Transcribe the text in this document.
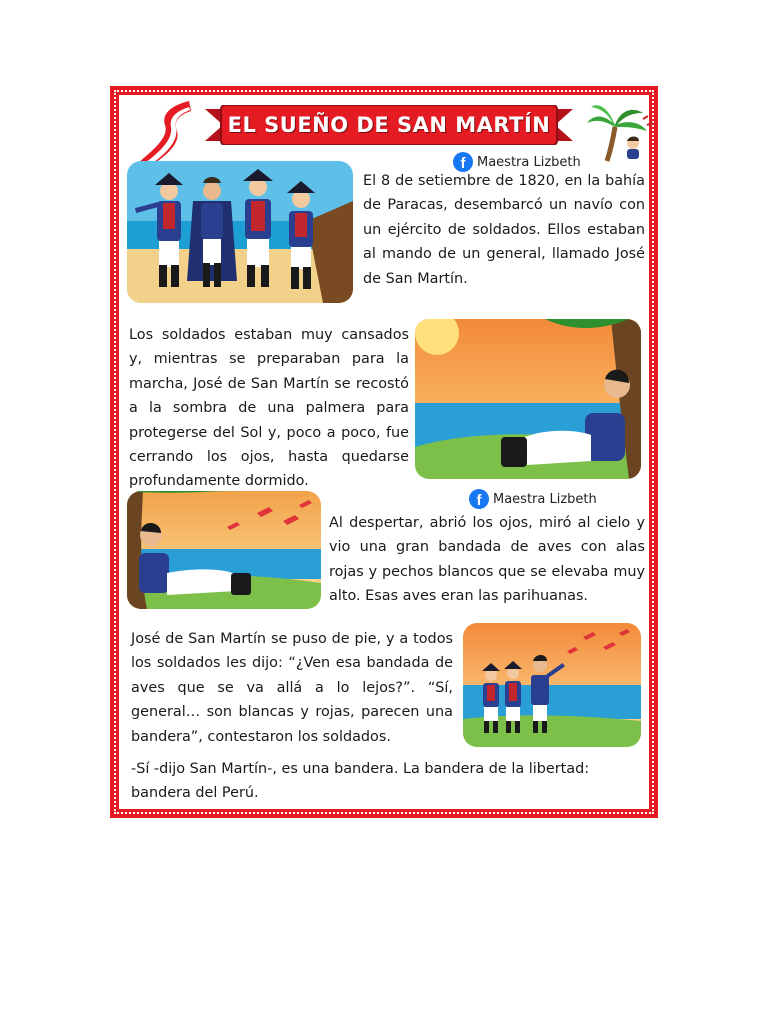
EL SUEÑO DE SAN MARTÍN
f Maestra Lizbeth

El 8 de setiembre de 1820, en la bahía de Paracas, desembarcó un navío con un ejército de soldados. Ellos estaban al mando de un general, llamado José de San Martín.

Los soldados estaban muy cansados y, mientras se preparaban para la marcha, José de San Martín se recostó a la sombra de una palmera para protegerse del Sol y, poco a poco, fue cerrando los ojos, hasta quedarse profundamente dormido.

f Maestra Lizbeth

Al despertar, abrió los ojos, miró al cielo y vio una gran bandada de aves con alas rojas y pechos blancos que se elevaba muy alto. Esas aves eran las parihuanas.

José de San Martín se puso de pie, y a todos los soldados les dijo: “¿Ven esa bandada de aves que se va allá a lo lejos?”. “Sí, general… son blancas y rojas, parecen una bandera”, contestaron los soldados.

-Sí -dijo San Martín-, es una bandera. La bandera de la libertad: bandera del Perú.
